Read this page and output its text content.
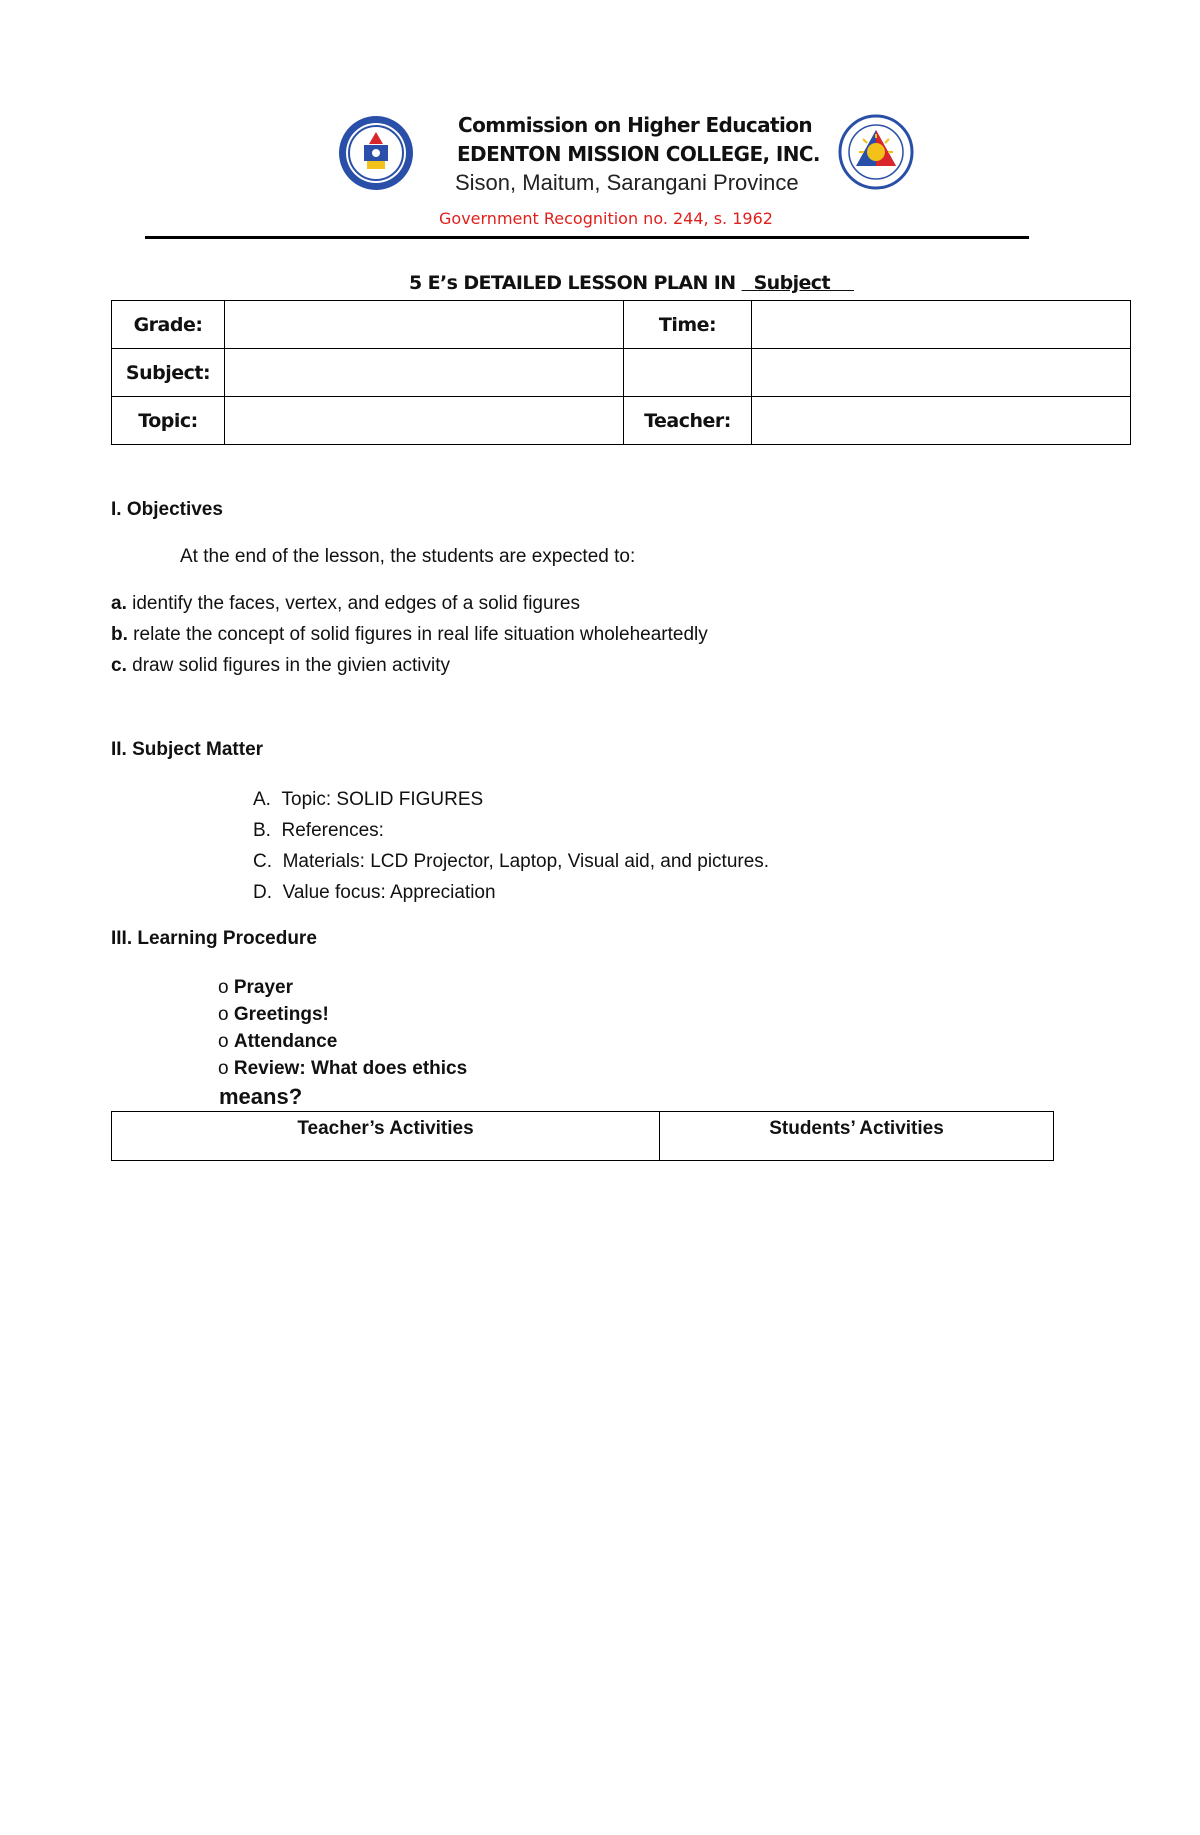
Commission on Higher Education
EDENTON MISSION COLLEGE, INC.
Sison, Maitum, Sarangani Province
Government Recognition no. 244, s. 1962
5 E’s DETAILED LESSON PLAN IN Subject
Grade:		Time:	
Subject:			
Topic:		Teacher:	
I. Objectives
At the end of the lesson, the students are expected to:
a. identify the faces, vertex, and edges of a solid figures
b. relate the concept of solid figures in real life situation wholeheartedly
c. draw solid figures in the givien activity
II. Subject Matter
A. Topic: SOLID FIGURES
B. References:
C. Materials: LCD Projector, Laptop, Visual aid, and pictures.
D. Value focus: Appreciation
III. Learning Procedure
o Prayer
o Greetings!
o Attendance
o Review: What does ethics
means?
Teacher’s Activities	Students’ Activities
